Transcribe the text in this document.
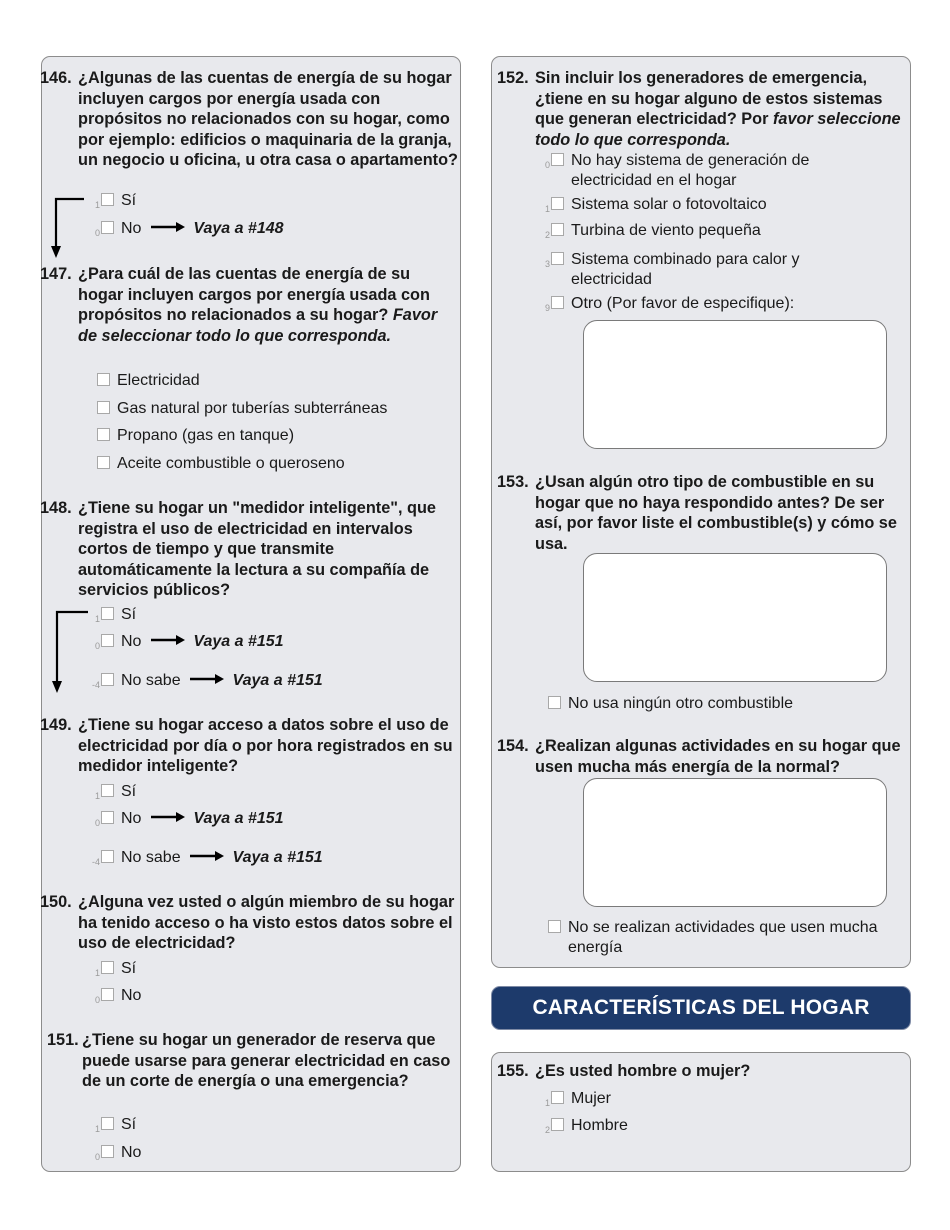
CARACTERÍSTICAS DEL HOGAR
146. ¿Algunas de las cuentas de energía de su hogar incluyen cargos por energía usada con propósitos no relacionados con su hogar, como por ejemplo: edificios o maquinaria de la granja, un negocio u oficina, u otra casa o apartamento?
1 Sí
0 No	Vaya a #148
147. ¿Para cuál de las cuentas de energía de su hogar incluyen cargos por energía usada con propósitos no relacionados a su hogar? Favor de seleccionar todo lo que corresponda.
Electricidad
Gas natural por tuberías subterráneas
Propano (gas en tanque)
Aceite combustible o queroseno
148. ¿Tiene su hogar un "medidor inteligente", que registra el uso de electricidad en intervalos cortos de tiempo y que transmite automáticamente la lectura a su compañía de servicios públicos?
1 Sí
0 No	Vaya a #151
-4 No sabe	Vaya a #151
149. ¿Tiene su hogar acceso a datos sobre el uso de electricidad por día o por hora registrados en su medidor inteligente?
1 Sí
0 No	Vaya a #151
-4 No sabe	Vaya a #151
150. ¿Alguna vez usted o algún miembro de su hogar ha tenido acceso o ha visto estos datos sobre el uso de electricidad?
1 Sí
0 No
151. ¿Tiene su hogar un generador de reserva que puede usarse para generar electricidad en caso de un corte de energía o una emergencia?
1 Sí
0 No
152. Sin incluir los generadores de emergencia, ¿tiene en su hogar alguno de estos sistemas que generan electricidad? Por favor seleccione todo lo que corresponda.
0 No hay sistema de generación de electricidad en el hogar
1 Sistema solar o fotovoltaico
2 Turbina de viento pequeña
3 Sistema combinado para calor y electricidad
9 Otro (Por favor de especifique):
153. ¿Usan algún otro tipo de combustible en su hogar que no haya respondido antes? De ser así, por favor liste el combustible(s) y cómo se usa.
No usa ningún otro combustible
154. ¿Realizan algunas actividades en su hogar que usen mucha más energía de la normal?
No se realizan actividades que usen mucha energía
155. ¿Es usted hombre o mujer?
1 Mujer
2 Hombre
